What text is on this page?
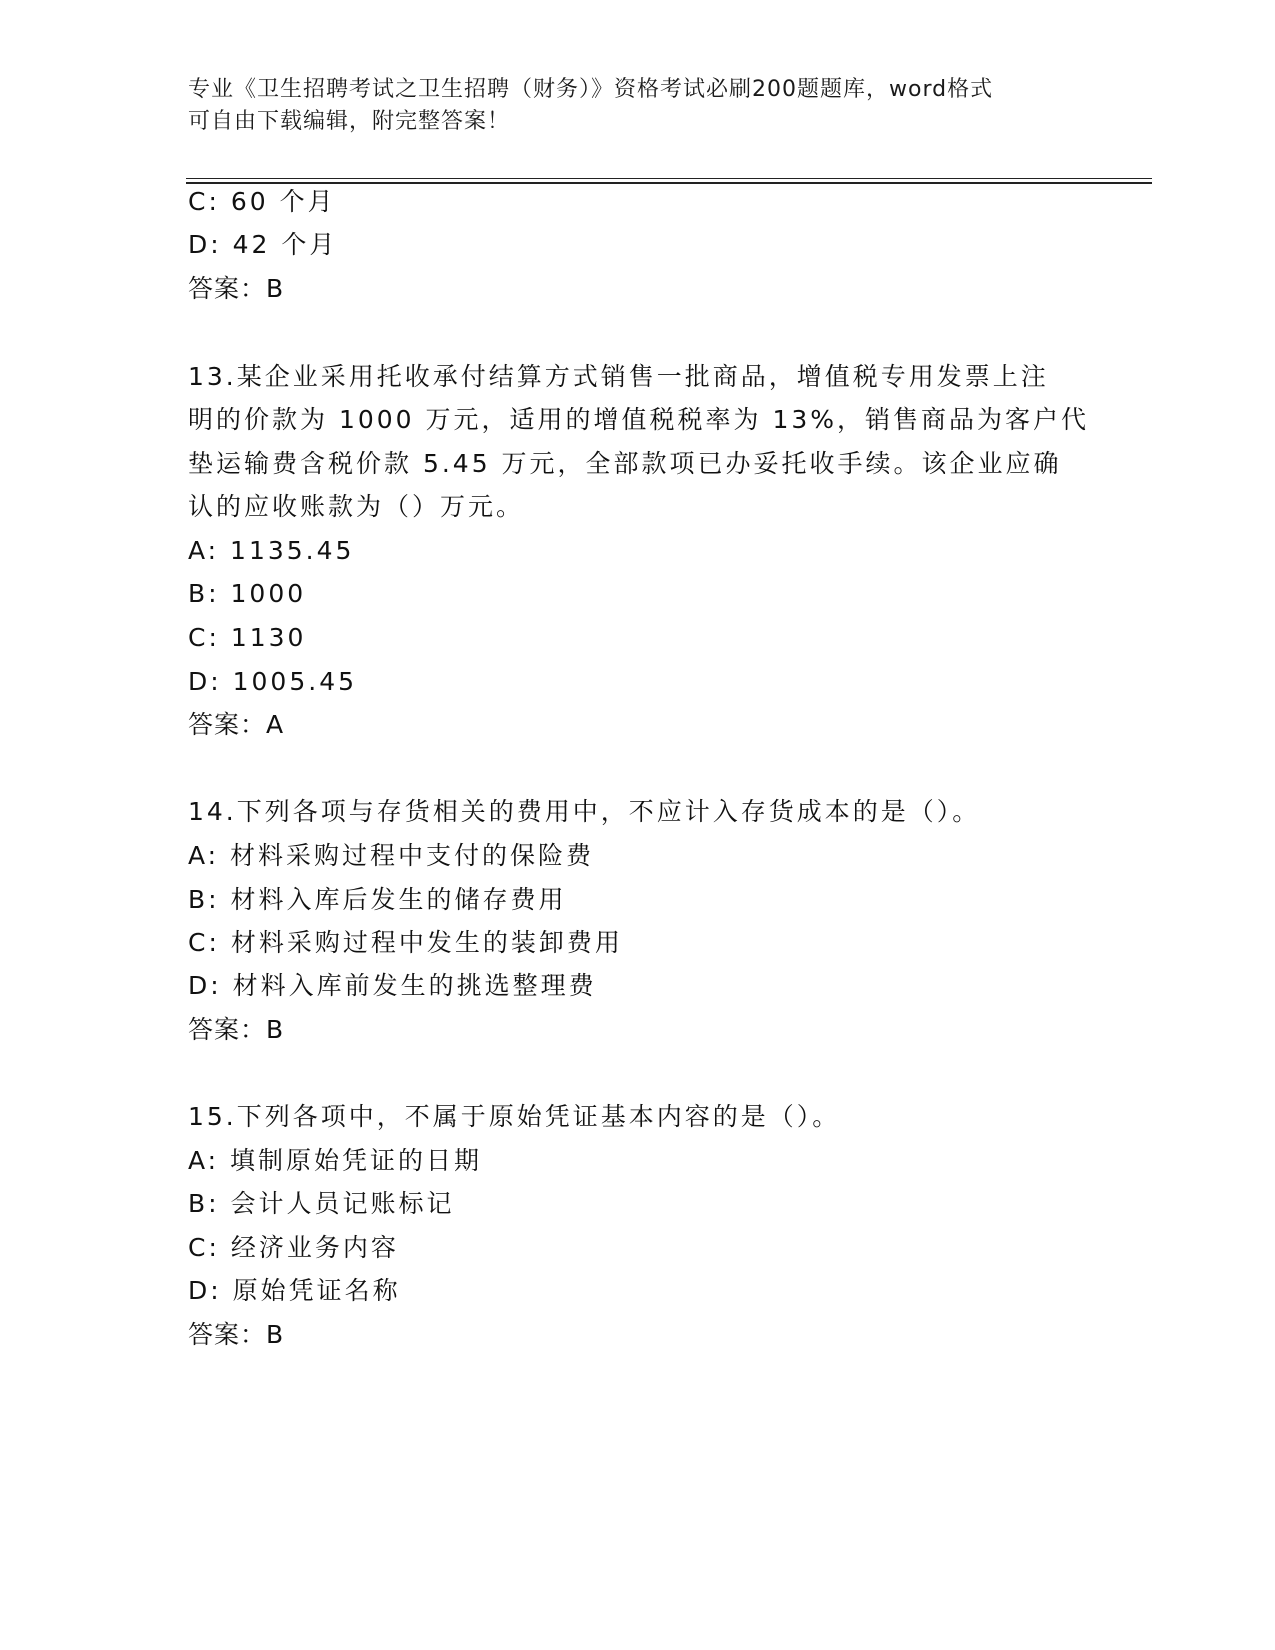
专业《卫生招聘考试之卫生招聘（财务）》资格考试必刷200题题库，word格式
可自由下载编辑，附完整答案！
C: 60 个月
D: 42 个月
答案：B
13.某企业采用托收承付结算方式销售一批商品，增值税专用发票上注
明的价款为 1000 万元，适用的增值税税率为 13%，销售商品为客户代
垫运输费含税价款 5.45 万元，全部款项已办妥托收手续。该企业应确
认的应收账款为（）万元。
A: 1135.45
B: 1000
C: 1130
D: 1005.45
答案：A
14.下列各项与存货相关的费用中，不应计入存货成本的是（）。
A: 材料采购过程中支付的保险费
B: 材料入库后发生的储存费用
C: 材料采购过程中发生的装卸费用
D: 材料入库前发生的挑选整理费
答案：B
15.下列各项中，不属于原始凭证基本内容的是（）。
A: 填制原始凭证的日期
B: 会计人员记账标记
C: 经济业务内容
D: 原始凭证名称
答案：B
